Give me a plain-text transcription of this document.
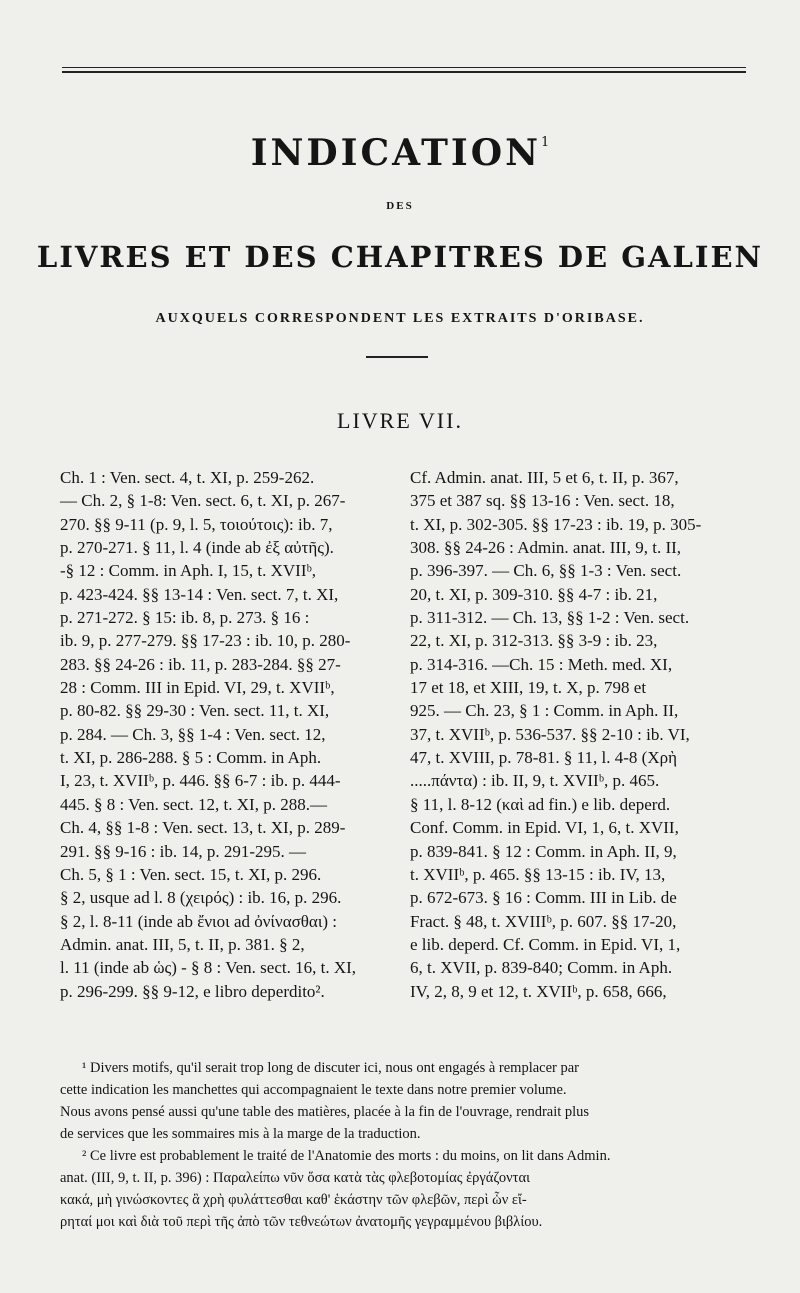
INDICATION$^1$
DES
LIVRES ET DES CHAPITRES DE GALIEN
AUXQUELS CORRESPONDENT LES EXTRAITS D'ORIBASE.
LIVRE VII.
Ch. 1 : Ven. sect. 4, t. XI, p. 259-262.
— Ch. 2, § 1-8: Ven. sect. 6, t. XI, p. 267-
270. §§ 9-11 (p. 9, l. 5, τοιούτοις): ib. 7,
p. 270-271. § 11, l. 4 (inde ab ἐξ αὐτῆς).
-§ 12 : Comm. in Aph. I, 15, t. XVIIᵇ,
p. 423-424. §§ 13-14 : Ven. sect. 7, t. XI,
p. 271-272. § 15: ib. 8, p. 273. § 16 :
ib. 9, p. 277-279. §§ 17-23 : ib. 10, p. 280-
283. §§ 24-26 : ib. 11, p. 283-284. §§ 27-
28 : Comm. III in Epid. VI, 29, t. XVIIᵇ,
p. 80-82. §§ 29-30 : Ven. sect. 11, t. XI,
p. 284. — Ch. 3, §§ 1-4 : Ven. sect. 12,
t. XI, p. 286-288. § 5 : Comm. in Aph.
I, 23, t. XVIIᵇ, p. 446. §§ 6-7 : ib. p. 444-
445. § 8 : Ven. sect. 12, t. XI, p. 288.—
Ch. 4, §§ 1-8 : Ven. sect. 13, t. XI, p. 289-
291. §§ 9-16 : ib. 14, p. 291-295. —
Ch. 5, § 1 : Ven. sect. 15, t. XI, p. 296.
§ 2, usque ad l. 8 (χειρός) : ib. 16, p. 296.
§ 2, l. 8-11 (inde ab ἔνιοι ad ὀνίνασθαι) :
Admin. anat. III, 5, t. II, p. 381. § 2,
l. 11 (inde ab ὡς) - § 8 : Ven. sect. 16, t. XI,
p. 296-299. §§ 9-12, e libro deperdito².
Cf. Admin. anat. III, 5 et 6, t. II, p. 367,
375 et 387 sq. §§ 13-16 : Ven. sect. 18,
t. XI, p. 302-305. §§ 17-23 : ib. 19, p. 305-
308. §§ 24-26 : Admin. anat. III, 9, t. II,
p. 396-397. — Ch. 6, §§ 1-3 : Ven. sect.
20, t. XI, p. 309-310. §§ 4-7 : ib. 21,
p. 311-312. — Ch. 13, §§ 1-2 : Ven. sect.
22, t. XI, p. 312-313. §§ 3-9 : ib. 23,
p. 314-316. —Ch. 15 : Meth. med. XI,
17 et 18, et XIII, 19, t. X, p. 798 et
925. — Ch. 23, § 1 : Comm. in Aph. II,
37, t. XVIIᵇ, p. 536-537. §§ 2-10 : ib. VI,
47, t. XVIII, p. 78-81. § 11, l. 4-8 (Χρὴ
.....πάντα) : ib. II, 9, t. XVIIᵇ, p. 465.
§ 11, l. 8-12 (καὶ ad fin.) e lib. deperd.
Conf. Comm. in Epid. VI, 1, 6, t. XVII,
p. 839-841. § 12 : Comm. in Aph. II, 9,
t. XVIIᵇ, p. 465. §§ 13-15 : ib. IV, 13,
p. 672-673. § 16 : Comm. III in Lib. de
Fract. § 48, t. XVIIIᵇ, p. 607. §§ 17-20,
e lib. deperd. Cf. Comm. in Epid. VI, 1,
6, t. XVII, p. 839-840; Comm. in Aph.
IV, 2, 8, 9 et 12, t. XVIIᵇ, p. 658, 666,
¹ Divers motifs, qu'il serait trop long de discuter ici, nous ont engagés à remplacer par
cette indication les manchettes qui accompagnaient le texte dans notre premier volume.
Nous avons pensé aussi qu'une table des matières, placée à la fin de l'ouvrage, rendrait plus
de services que les sommaires mis à la marge de la traduction.
² Ce livre est probablement le traité de l'Anatomie des morts : du moins, on lit dans Admin.
anat. (III, 9, t. II, p. 396) : Παραλείπω νῦν ὅσα κατὰ τὰς φλεβοτομίας ἐργάζονται
κακά, μὴ γινώσκοντες ἃ χρὴ φυλάττεσθαι καθ' ἑκάστην τῶν φλεβῶν, περὶ ὧν εἴ-
ρηταί μοι καὶ διὰ τοῦ περὶ τῆς ἀπὸ τῶν τεθνεώτων ἀνατομῆς γεγραμμένου βιβλίου.
